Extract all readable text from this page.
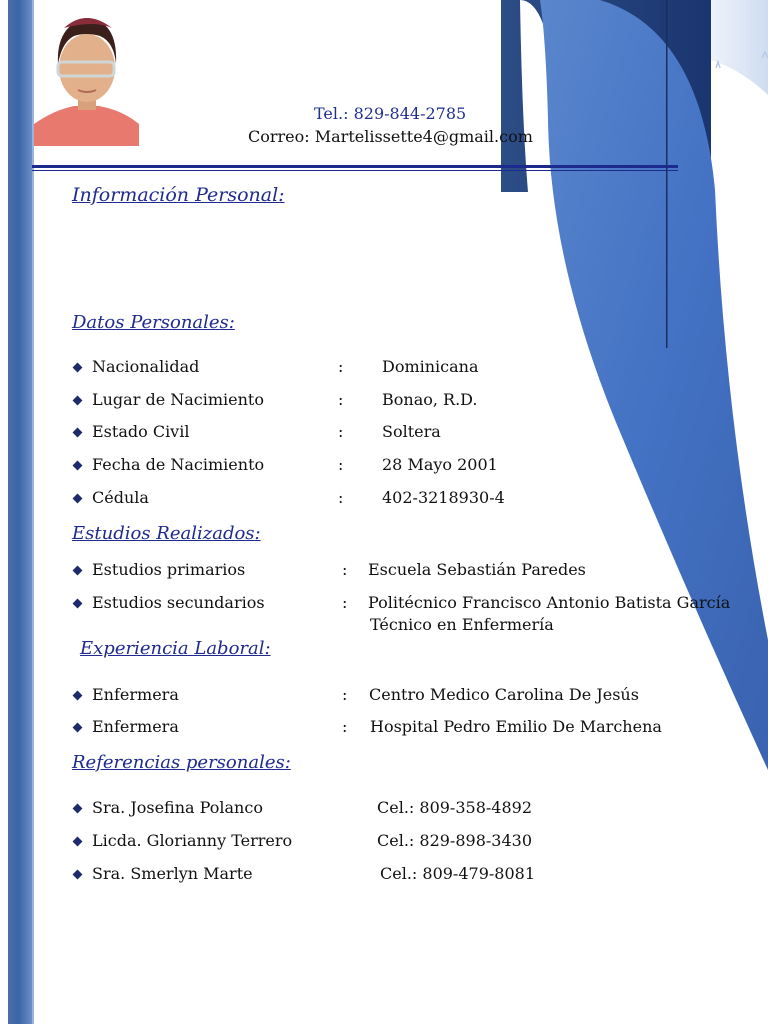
Tel.: 829-844-2785
Correo: Martelissette4@gmail.com
Información Personal:
Datos Personales:
Nacionalidad	: Dominicana
Lugar de Nacimiento	: Bonao, R.D.
Estado Civil	: Soltera
Fecha de Nacimiento	: 28 Mayo 2001
Cédula	: 402-3218930-4
Estudios Realizados:
Estudios primarios	: Escuela Sebastián Paredes
Estudios secundarios	: Politécnico Francisco Antonio Batista García
Técnico en Enfermería
Experiencia Laboral:
Enfermera	: Centro Medico Carolina De Jesús
Enfermera	: Hospital Pedro Emilio De Marchena
Referencias personales:
Sra. Josefina Polanco	Cel.: 809-358-4892
Licda. Glorianny Terrero	Cel.: 829-898-3430
Sra. Smerlyn Marte	Cel.: 809-479-8081
